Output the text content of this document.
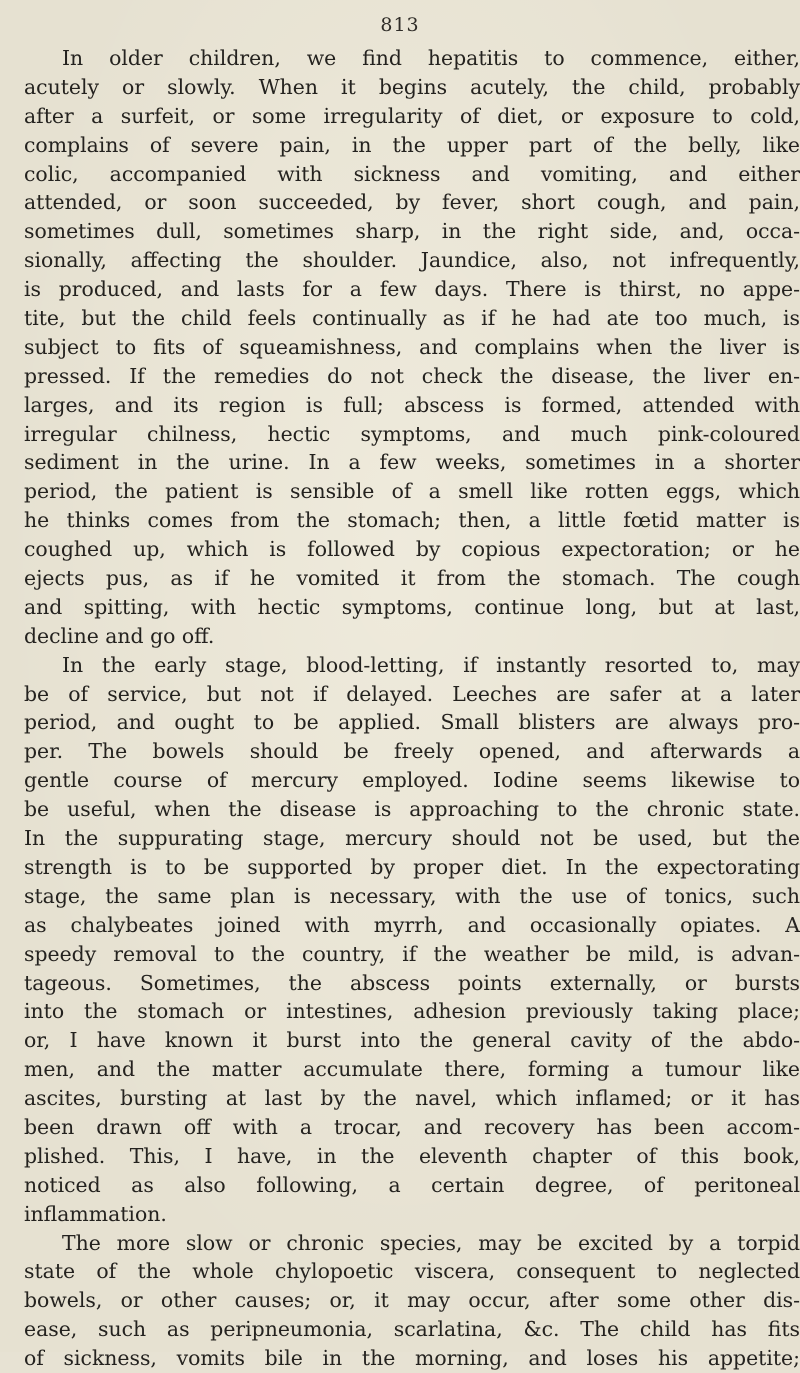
813
In older children, we find hepatitis to commence, either,
acutely or slowly. When it begins acutely, the child, probably
after a surfeit, or some irregularity of diet, or exposure to cold,
complains of severe pain, in the upper part of the belly, like
colic, accompanied with sickness and vomiting, and either
attended, or soon succeeded, by fever, short cough, and pain,
sometimes dull, sometimes sharp, in the right side, and, occa-
sionally, affecting the shoulder. Jaundice, also, not infrequently,
is produced, and lasts for a few days. There is thirst, no appe-
tite, but the child feels continually as if he had ate too much, is
subject to fits of squeamishness, and complains when the liver is
pressed. If the remedies do not check the disease, the liver en-
larges, and its region is full; abscess is formed, attended with
irregular chilness, hectic symptoms, and much pink-coloured
sediment in the urine. In a few weeks, sometimes in a shorter
period, the patient is sensible of a smell like rotten eggs, which
he thinks comes from the stomach; then, a little fœtid matter is
coughed up, which is followed by copious expectoration; or he
ejects pus, as if he vomited it from the stomach. The cough
and spitting, with hectic symptoms, continue long, but at last,
decline and go off.
In the early stage, blood-letting, if instantly resorted to, may
be of service, but not if delayed. Leeches are safer at a later
period, and ought to be applied. Small blisters are always pro-
per. The bowels should be freely opened, and afterwards a
gentle course of mercury employed. Iodine seems likewise to
be useful, when the disease is approaching to the chronic state.
In the suppurating stage, mercury should not be used, but the
strength is to be supported by proper diet. In the expectorating
stage, the same plan is necessary, with the use of tonics, such
as chalybeates joined with myrrh, and occasionally opiates. A
speedy removal to the country, if the weather be mild, is advan-
tageous. Sometimes, the abscess points externally, or bursts
into the stomach or intestines, adhesion previously taking place;
or, I have known it burst into the general cavity of the abdo-
men, and the matter accumulate there, forming a tumour like
ascites, bursting at last by the navel, which inflamed; or it has
been drawn off with a trocar, and recovery has been accom-
plished. This, I have, in the eleventh chapter of this book,
noticed as also following, a certain degree, of peritoneal
inflammation.
The more slow or chronic species, may be excited by a torpid
state of the whole chylopoetic viscera, consequent to neglected
bowels, or other causes; or, it may occur, after some other dis-
ease, such as peripneumonia, scarlatina, &c. The child has fits
of sickness, vomits bile in the morning, and loses his appetite;
